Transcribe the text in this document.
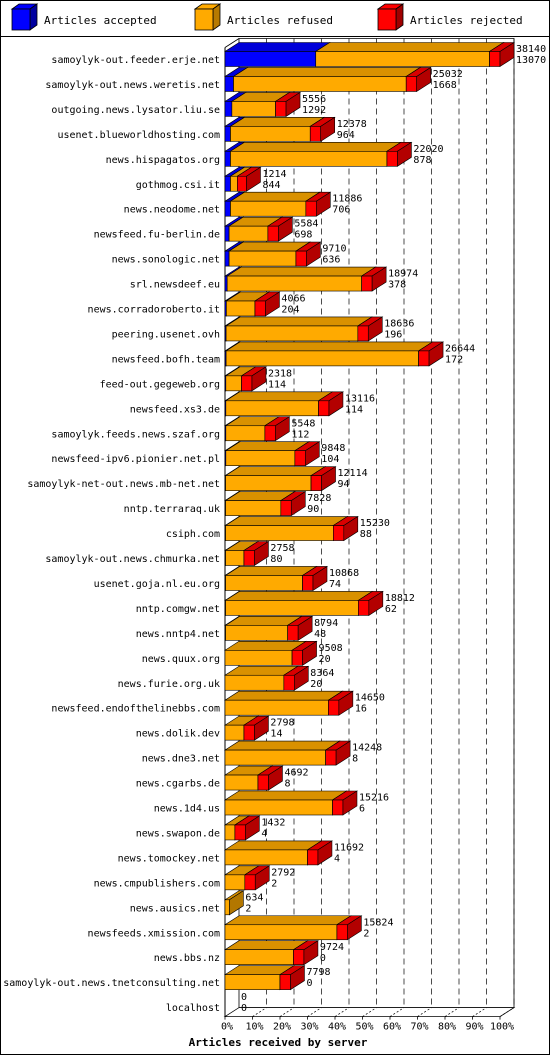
Articles accepted	Articles refused	Articles rejected
samoylyk-out.feeder.erje.net
samoylyk-out.news.weretis.net
outgoing.news.lysator.liu.se
usenet.blueworldhosting.com
news.hispagatos.org
gothmog.csi.it
news.neodome.net
newsfeed.fu-berlin.de
news.sonologic.net
srl.newsdeef.eu
news.corradoroberto.it
peering.usenet.ovh
newsfeed.bofh.team
feed-out.gegeweb.org
newsfeed.xs3.de
samoylyk.feeds.news.szaf.org
newsfeed-ipv6.pionier.net.pl
samoylyk-net-out.news.mb-net.net
nntp.terraraq.uk
csiph.com
samoylyk-out.news.chmurka.net
usenet.goja.nl.eu.org
nntp.comgw.net
news.nntp4.net
news.quux.org
news.furie.org.uk
newsfeed.endofthelinebbs.com
news.dolik.dev
news.dne3.net
news.cgarbs.de
news.1d4.us
news.swapon.de
news.tomockey.net
news.cmpublishers.com
news.ausics.net
newsfeeds.xmission.com
news.bbs.nz
samoylyk-out.news.tnetconsulting.net
localhost
38140
13070
25032
1668
5556
1292
12378
964
22020
878
1214
844
11886
706
5584
698
9710
636
18974
378
4066
204
18636
196
26644
172
2318
114
13116
114
5548
112
9848
104
12114
94
7828
90
15230
88
2758
80
10868
74
18812
62
8794
48
9508
20
8364
20
14650
16
2798
14
14248
8
4692
8
15216
6
1432
4
11692
4
2792
2
634
2
15824
2
9724
0
7798
0
0
0
0% 10% 20% 30% 40% 50% 60% 70% 80% 90% 100%
Articles received by server
